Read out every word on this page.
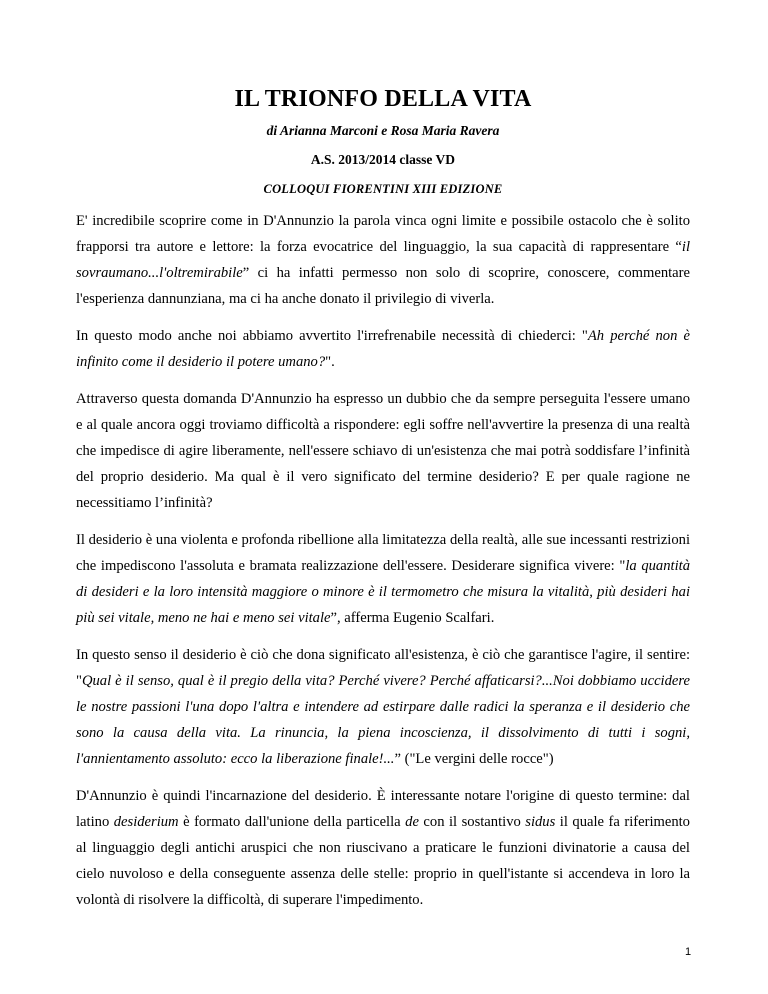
IL TRIONFO DELLA VITA
di Arianna Marconi e Rosa Maria Ravera
A.S. 2013/2014 classe VD
COLLOQUI FIORENTINI XIII EDIZIONE

E' incredibile scoprire come in D'Annunzio la parola vinca ogni limite e possibile ostacolo che è solito frapporsi tra autore e lettore: la forza evocatrice del linguaggio, la sua capacità di rappresentare “il sovraumano...l'oltremirabile” ci ha infatti permesso non solo di scoprire, conoscere, commentare l'esperienza dannunziana, ma ci ha anche donato il privilegio di viverla.

In questo modo anche noi abbiamo avvertito l'irrefrenabile necessità di chiederci: "Ah perché non è infinito come il desiderio il potere umano?".

Attraverso questa domanda D'Annunzio ha espresso un dubbio che da sempre perseguita l'essere umano e al quale ancora oggi troviamo difficoltà a rispondere: egli soffre nell'avvertire la presenza di una realtà che impedisce di agire liberamente, nell'essere schiavo di un'esistenza che mai potrà soddisfare l’infinità del proprio desiderio. Ma qual è il vero significato del termine desiderio? E per quale ragione ne necessitiamo l’infinità?

Il desiderio è una violenta e profonda ribellione alla limitatezza della realtà, alle sue incessanti restrizioni che impediscono l'assoluta e bramata realizzazione dell'essere. Desiderare significa vivere: "la quantità di desideri e la loro intensità maggiore o minore è il termometro che misura la vitalità, più desideri hai più sei vitale, meno ne hai e meno sei vitale”, afferma Eugenio Scalfari.

In questo senso il desiderio è ciò che dona significato all'esistenza, è ciò che garantisce l'agire, il sentire: "Qual è il senso, qual è il pregio della vita? Perché vivere? Perché affaticarsi?...Noi dobbiamo uccidere le nostre passioni l'una dopo l'altra e intendere ad estirpare dalle radici la speranza e il desiderio che sono la causa della vita. La rinuncia, la piena incoscienza, il dissolvimento di tutti i sogni, l'annientamento assoluto: ecco la liberazione finale!...” ("Le vergini delle rocce")

D'Annunzio è quindi l'incarnazione del desiderio. È interessante notare l'origine di questo termine: dal latino desiderium è formato dall'unione della particella de con il sostantivo sidus il quale fa riferimento al linguaggio degli antichi aruspici che non riuscivano a praticare le funzioni divinatorie a causa del cielo nuvoloso e della conseguente assenza delle stelle: proprio in quell'istante si accendeva in loro la volontà di risolvere la difficoltà, di superare l'impedimento.

1
